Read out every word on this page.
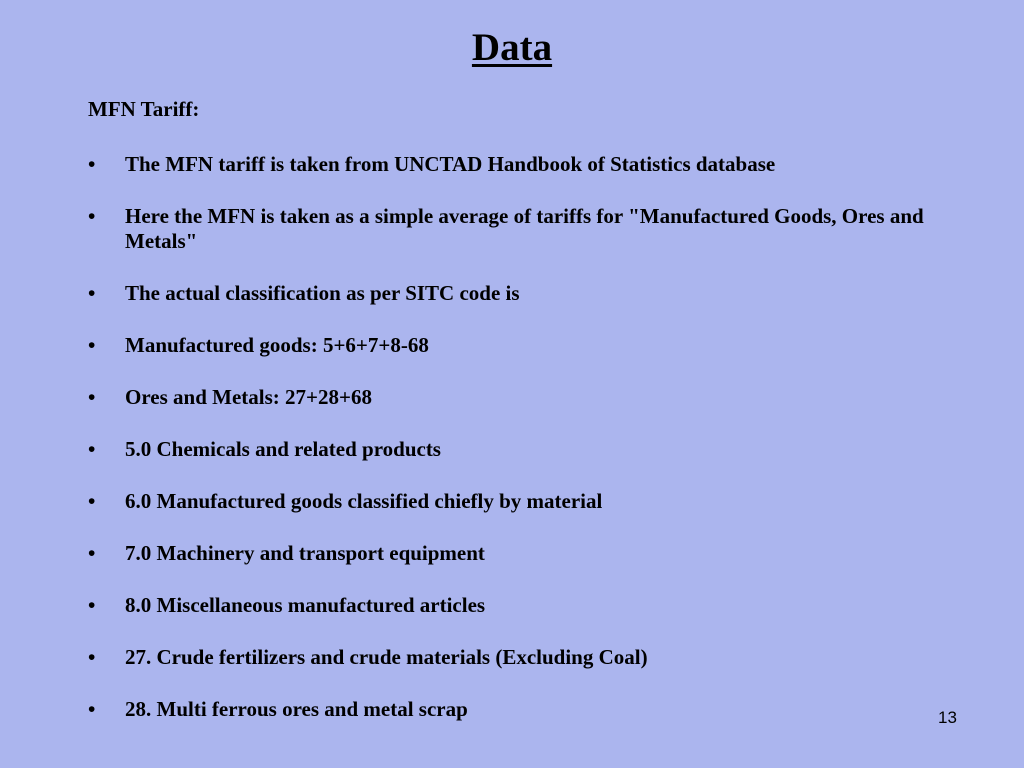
Data
MFN Tariff:
• The MFN tariff is taken from UNCTAD Handbook of Statistics database
• Here the MFN is taken as a simple average of tariffs for "Manufactured Goods, Ores and Metals"
• The actual classification as per SITC code is
• Manufactured goods: 5+6+7+8-68
• Ores and Metals: 27+28+68
• 5.0 Chemicals and related products
• 6.0 Manufactured goods classified chiefly by material
• 7.0 Machinery and transport equipment
• 8.0 Miscellaneous manufactured articles
• 27. Crude fertilizers and crude materials (Excluding Coal)
• 28. Multi ferrous ores and metal scrap	13
